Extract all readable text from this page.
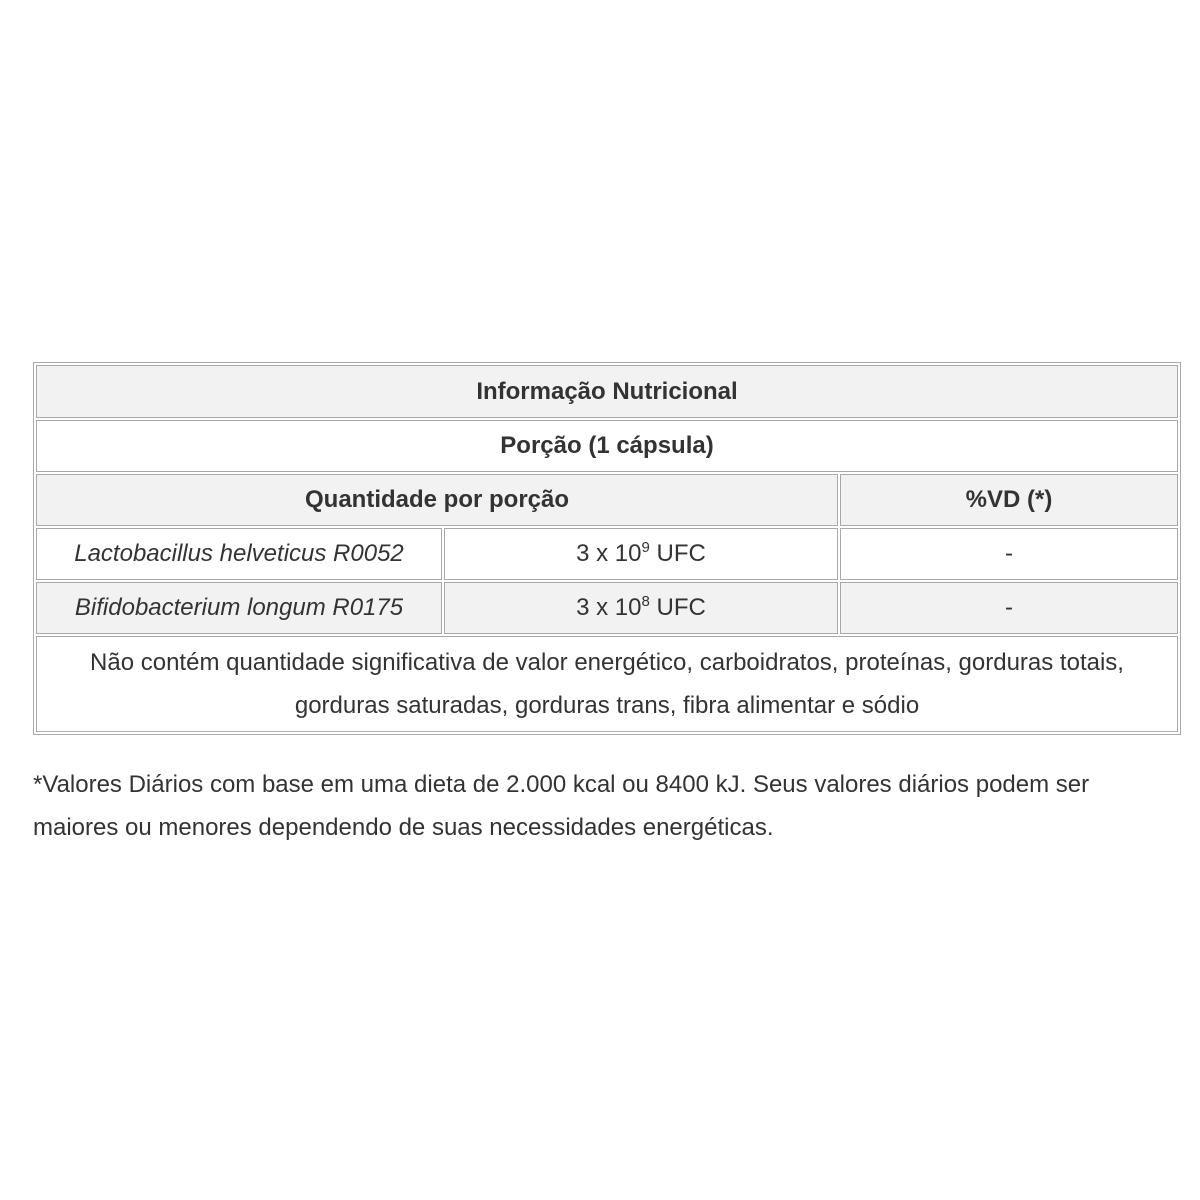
Informação Nutricional		
Porção (1 cápsula)		
Quantidade por porção		%VD (*)
Lactobacillus helveticus R0052	3 x $10^9$ UFC	-
Bifidobacterium longum R0175	3 x $10^8$ UFC	-
Não contém quantidade significativa de valor energético, carboidratos, proteínas, gorduras totais, gorduras saturadas, gorduras trans, fibra alimentar e sódio		
*Valores Diários com base em uma dieta de 2.000 kcal ou 8400 kJ. Seus valores diários podem ser maiores ou menores dependendo de suas necessidades energéticas.
